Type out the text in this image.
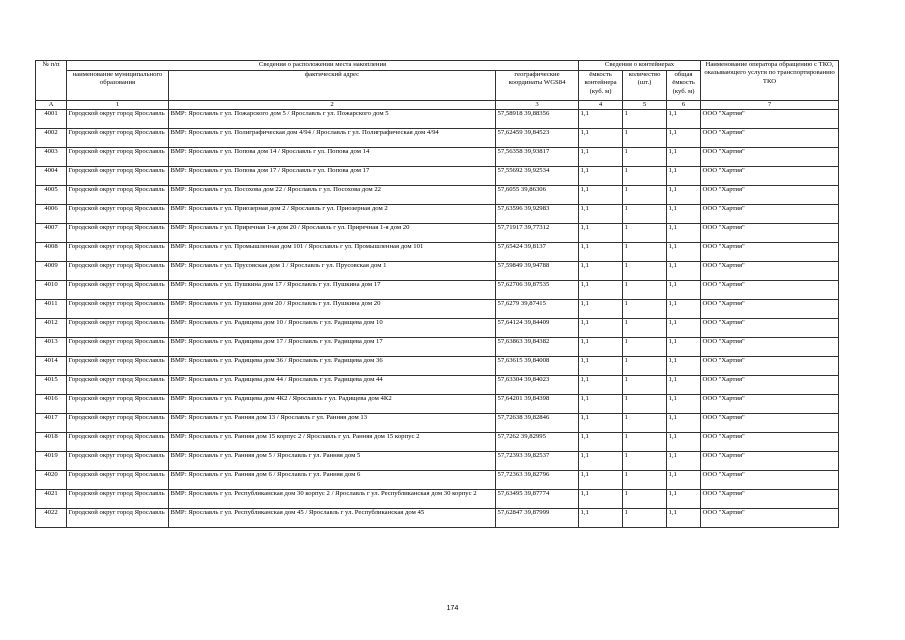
№ п/п	Сведения о расположении места накопления			Сведения о контейнерах			Наименование оператора обращению с ТКО, оказывающего услуги по транспортированию ТКО
	наименование муниципального образования	фактический адрес	географические координаты WGS84	ёмкость контейнера (куб. м)	количество (шт.)	общая ёмкость (куб. м)	
А	1	2	3	4	5	6	7
4001	Городской округ город Ярославль	ВМР: Ярославль г ул. Пожарского дом 5 / Ярославль г ул. Пожарского дом 5	57,58918 39,88356	1,1	1	1,1	ООО "Хартия"
4002	Городской округ город Ярославль	ВМР: Ярославль г ул. Полиграфическая дом 4/94 / Ярославль г ул. Полиграфическая дом 4/94	57,62459 39,84523	1,1	1	1,1	ООО "Хартия"
4003	Городской округ город Ярославль	ВМР: Ярославль г ул. Попова дом 14 / Ярославль г ул. Попова дом 14	57,56358 39,93817	1,1	1	1,1	ООО "Хартия"
4004	Городской округ город Ярославль	ВМР: Ярославль г ул. Попова дом 17 / Ярославль г ул. Попова дом 17	57,55692 39,92534	1,1	1	1,1	ООО "Хартия"
4005	Городской округ город Ярославль	ВМР: Ярославль г ул. Посохова дом 22 / Ярославль г ул. Посохова дом 22	57,6055 39,86306	1,1	1	1,1	ООО "Хартия"
4006	Городской округ город Ярославль	ВМР: Ярославль г ул. Приозерная дом 2 / Ярославль г ул. Приозерная дом 2	57,63596 39,92983	1,1	1	1,1	ООО "Хартия"
4007	Городской округ город Ярославль	ВМР: Ярославль г ул. Приречная 1-я дом 20 / Ярославль г ул. Приречная 1-я дом 20	57,71917 39,77312	1,1	1	1,1	ООО "Хартия"
4008	Городской округ город Ярославль	ВМР: Ярославль г ул. Промышленная дом 101 / Ярославль г ул. Промышленная дом 101	57,65424 39,8137	1,1	1	1,1	ООО "Хартия"
4009	Городской округ город Ярославль	ВМР: Ярославль г ул. Прусовская дом 1 / Ярославль г ул. Прусовская дом 1	57,59849 39,94788	1,1	1	1,1	ООО "Хартия"
4010	Городской округ город Ярославль	ВМР: Ярославль г ул. Пушкина дом 17 / Ярославль г ул. Пушкина дом 17	57,62706 39,87535	1,1	1	1,1	ООО "Хартия"
4011	Городской округ город Ярославль	ВМР: Ярославль г ул. Пушкина дом 20 / Ярославль г ул. Пушкина дом 20	57,6279 39,87415	1,1	1	1,1	ООО "Хартия"
4012	Городской округ город Ярославль	ВМР: Ярославль г ул. Радищева дом 10 / Ярославль г ул. Радищева дом 10	57,64124 39,84409	1,1	1	1,1	ООО "Хартия"
4013	Городской округ город Ярославль	ВМР: Ярославль г ул. Радищева дом 17 / Ярославль г ул. Радищева дом 17	57,63863 39,84382	1,1	1	1,1	ООО "Хартия"
4014	Городской округ город Ярославль	ВМР: Ярославль г ул. Радищева дом 36 / Ярославль г ул. Радищева дом 36	57,63615 39,84008	1,1	1	1,1	ООО "Хартия"
4015	Городской округ город Ярославль	ВМР: Ярославль г ул. Радищева дом 44 / Ярославль г ул. Радищева дом 44	57,63304 39,84023	1,1	1	1,1	ООО "Хартия"
4016	Городской округ город Ярославль	ВМР: Ярославль г ул. Радищева дом 4К2 / Ярославль г ул. Радищева дом 4К2	57,64201 39,84398	1,1	1	1,1	ООО "Хартия"
4017	Городской округ город Ярославль	ВМР: Ярославль г ул. Ранняя дом 13 / Ярославль г ул. Ранняя дом 13	57,72638 39,82846	1,1	1	1,1	ООО "Хартия"
4018	Городской округ город Ярославль	ВМР: Ярославль г ул. Ранняя дом 15 корпус 2 / Ярославль г ул. Ранняя дом 15 корпус 2	57,7262 39,82995	1,1	1	1,1	ООО "Хартия"
4019	Городской округ город Ярославль	ВМР: Ярославль г ул. Ранняя дом 5 / Ярославль г ул. Ранняя дом 5	57,72393 39,82537	1,1	1	1,1	ООО "Хартия"
4020	Городской округ город Ярославль	ВМР: Ярославль г ул. Ранняя дом 6 / Ярославль г ул. Ранняя дом 6	57,72363 39,82796	1,1	1	1,1	ООО "Хартия"
4021	Городской округ город Ярославль	ВМР: Ярославль г ул. Республиканская дом 30 корпус 2 / Ярославль г ул. Республиканская дом 30 корпус 2	57,63495 39,87774	1,1	1	1,1	ООО "Хартия"
4022	Городской округ город Ярославль	ВМР: Ярославль г ул. Республиканская дом 45 / Ярославль г ул. Республиканская дом 45	57,62847 39,87999	1,1	1	1,1	ООО "Хартия"
174
